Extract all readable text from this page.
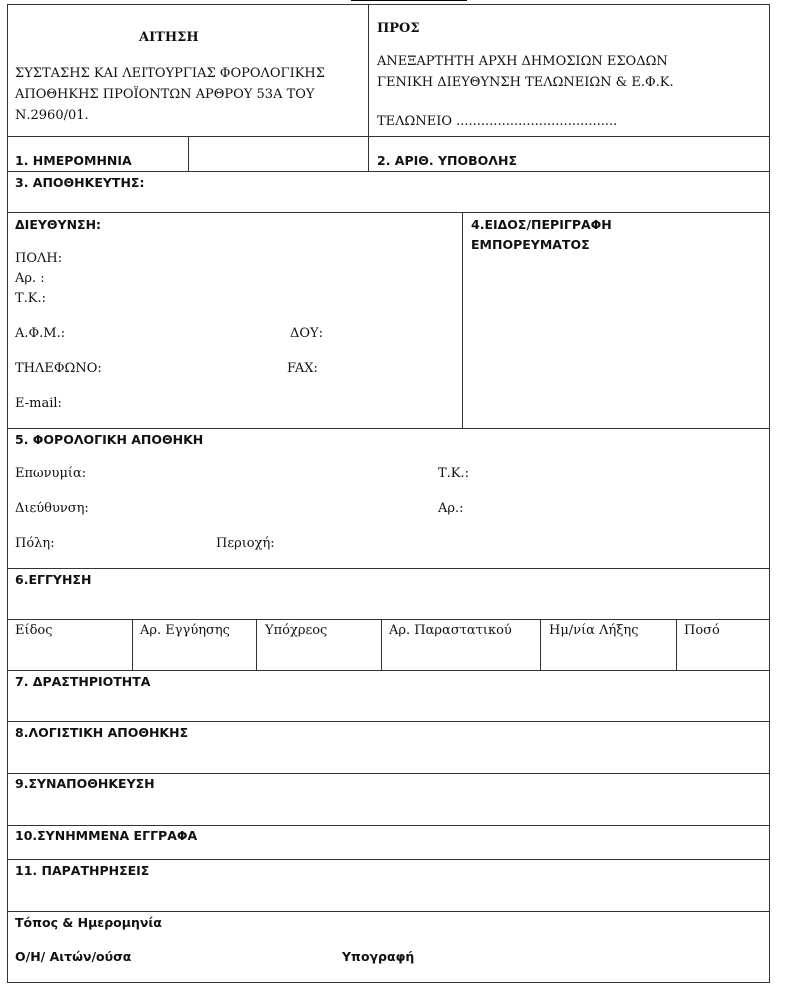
ΑΙΤΗΣΗ
ΣΥΣΤΑΣΗΣ ΚΑΙ ΛΕΙΤΟΥΡΓΙΑΣ ΦΟΡΟΛΟΓΙΚΗΣ
ΑΠΟΘΗΚΗΣ ΠΡΟΪΟΝΤΩΝ ΑΡΘΡΟΥ 53Α ΤΟΥ
Ν.2960/01.
ΠΡΟΣ
ΑΝΕΞΑΡΤΗΤΗ ΑΡΧΗ ΔΗΜΟΣΙΩΝ ΕΣΟΔΩΝ
ΓΕΝΙΚΗ ΔΙΕΥΘΥΝΣΗ ΤΕΛΩΝΕΙΩΝ & Ε.Φ.Κ.
ΤΕΛΩΝΕΙΟ .......................................
1. ΗΜΕΡΟΜΗΝΙΑ	2. ΑΡΙΘ. ΥΠΟΒΟΛΗΣ
3. ΑΠΟΘΗΚΕΥΤΗΣ:
ΔΙΕΥΘΥΝΣΗ:
ΠΟΛΗ:
Αρ. :
Τ.Κ.:
Α.Φ.Μ.:	ΔΟΥ:
ΤΗΛΕΦΩΝΟ:	FAX:
E-mail:
4.ΕΙΔΟΣ/ΠΕΡΙΓΡΑΦΗ
ΕΜΠΟΡΕΥΜΑΤΟΣ
5. ΦΟΡΟΛΟΓΙΚΗ ΑΠΟΘΗΚΗ
Επωνυμία:	Τ.Κ.:
Διεύθυνση:	Αρ.:
Πόλη:	Περιοχή:
6.ΕΓΓΥΗΣΗ
Είδος	Αρ. Εγγύησης	Υπόχρεος	Αρ. Παραστατικού	Ημ/νία Λήξης	Ποσό
7. ΔΡΑΣΤΗΡΙΟΤΗΤΑ
8.ΛΟΓΙΣΤΙΚΗ ΑΠΟΘΗΚΗΣ
9.ΣΥΝΑΠΟΘΗΚΕΥΣΗ
10.ΣΥΝΗΜΜΕΝΑ ΕΓΓΡΑΦΑ
11. ΠΑΡΑΤΗΡΗΣΕΙΣ
Τόπος & Ημερομηνία
Ο/Η/ Αιτών/ούσα	Υπογραφή
